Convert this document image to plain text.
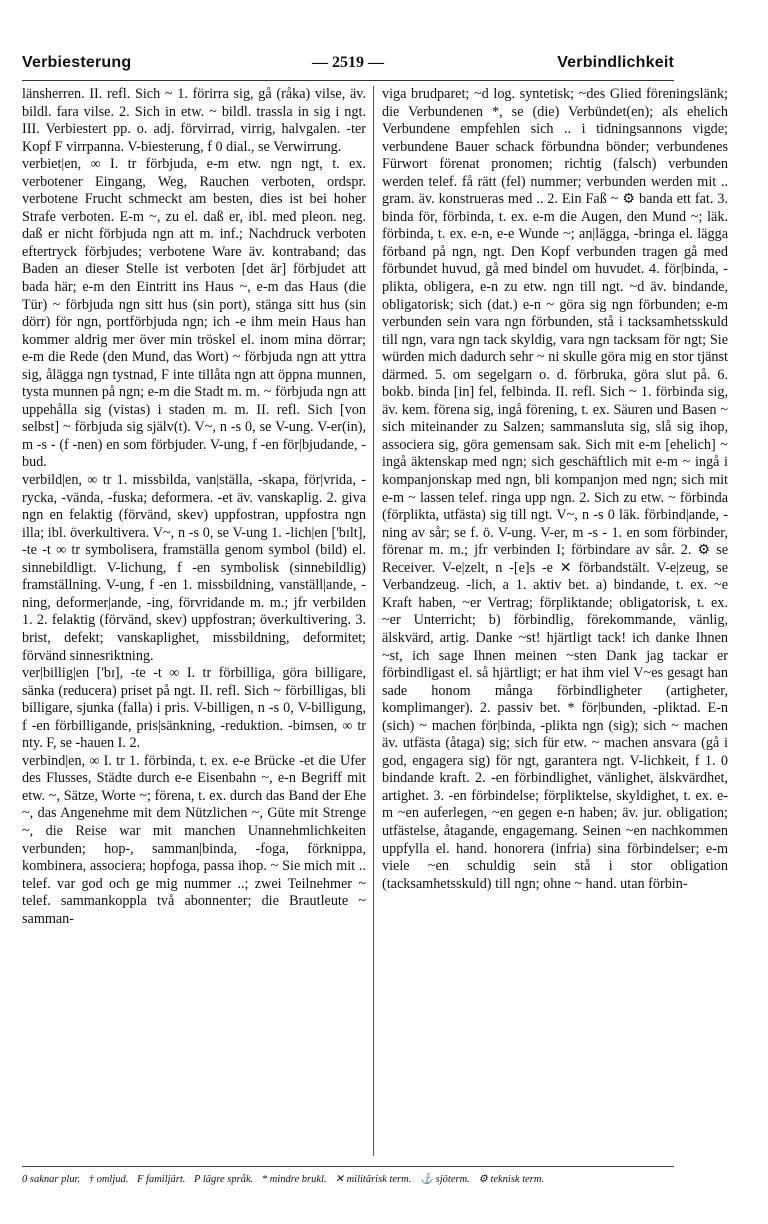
Verbiesterung	— 2519 —	Verbindlichkeit

länsherren. II. refl. Sich ~ 1. förirra sig, gå (råka) vilse, äv. bildl. fara vilse. 2. Sich in etw. ~ bildl. trassla in sig i ngt. III. Verbiestert pp. o. adj. förvirrad, virrig, halvgalen. -ter Kopf F virrpanna. V-biesterung, f 0 dial., se Verwirrung.

verbiet|en, ∞ I. tr förbjuda, e-m etw. ngn ngt, t. ex. verbotener Eingang, Weg, Rauchen verboten, ordspr. verbotene Frucht schmeckt am besten, dies ist bei hoher Strafe verboten. E-m ~, zu el. daß er, ibl. med pleon. neg. daß er nicht förbjuda ngn att m. inf.; Nachdruck verboten eftertryck förbjudes; verbotene Ware äv. kontraband; das Baden an dieser Stelle ist verboten [det är] förbjudet att bada här; e-m den Eintritt ins Haus ~, e-m das Haus (die Tür) ~ förbjuda ngn sitt hus (sin port), stänga sitt hus (sin dörr) för ngn, portförbjuda ngn; ich -e ihm mein Haus han kommer aldrig mer över min tröskel el. inom mina dörrar; e-m die Rede (den Mund, das Wort) ~ förbjuda ngn att yttra sig, ålägga ngn tystnad, F inte tillåta ngn att öppna munnen, tysta munnen på ngn; e-m die Stadt m. m. ~ förbjuda ngn att uppehålla sig (vistas) i staden m. m. II. refl. Sich [von selbst] ~ förbjuda sig själv(t). V~, n -s 0, se V-ung. V-er(in), m -s - (f -nen) en som förbjuder. V-ung, f -en för|bjudande, -bud.

verbild|en, ∞ tr 1. missbilda, van|ställa, -skapa, för|vrida, -rycka, -vända, -fuska; deformera. -et äv. vanskaplig. 2. giva ngn en felaktig (förvänd, skev) uppfostran, uppfostra ngn illa; ibl. överkultivera. V~, n -s 0, se V-ung 1. -lich|en ['bɪlt], -te -t ∞ tr symbolisera, framställa genom symbol (bild) el. sinnebildligt. V-lichung, f -en symbolisk (sinnebildlig) framställning. V-ung, f -en 1. missbildning, vanställ|ande, -ning, deformer|ande, -ing, förvridande m. m.; jfr verbilden 1. 2. felaktig (förvänd, skev) uppfostran; överkultivering. 3. brist, defekt; vanskaplighet, missbildning, deformitet; förvänd sinnesriktning.

ver|billig|en ['bɪ], -te -t ∞ I. tr förbilliga, göra billigare, sänka (reducera) priset på ngt. II. refl. Sich ~ förbilligas, bli billigare, sjunka (falla) i pris. V-billigen, n -s 0, V-billigung, f -en förbilligande, pris|sänkning, -reduktion. -bimsen, ∞ tr nty. F, se -hauen I. 2.

verbind|en, ∞ I. tr 1. förbinda, t. ex. e-e Brücke -et die Ufer des Flusses, Städte durch e-e Eisenbahn ~, e-n Begriff mit etw. ~, Sätze, Worte ~; förena, t. ex. durch das Band der Ehe ~, das Angenehme mit dem Nützlichen ~, Güte mit Strenge ~, die Reise war mit manchen Unannehmlichkeiten verbunden; hop-, samman|binda, -foga, förknippa, kombinera, associera; hopfoga, passa ihop. ~ Sie mich mit .. telef. var god och ge mig nummer ..; zwei Teilnehmer ~ telef. sammankoppla två abonnenter; die Brautleute ~ samman-

viga brudparet; ~d log. syntetisk; ~des Glied föreningslänk; die Verbundenen *, se (die) Verbündet(en); als ehelich Verbundene empfehlen sich .. i tidningsannons vigde; verbundene Bauer schack förbundna bönder; verbundenes Fürwort förenat pronomen; richtig (falsch) verbunden werden telef. få rätt (fel) nummer; verbunden werden mit .. gram. äv. konstrueras med .. 2. Ein Faß ~ ⚙ banda ett fat. 3. binda för, förbinda, t. ex. e-m die Augen, den Mund ~; läk. förbinda, t. ex. e-n, e-e Wunde ~; an|lägga, -bringa el. lägga förband på ngn, ngt. Den Kopf verbunden tragen gå med förbundet huvud, gå med bindel om huvudet. 4. för|binda, -plikta, obligera, e-n zu etw. ngn till ngt. ~d äv. bindande, obligatorisk; sich (dat.) e-n ~ göra sig ngn förbunden; e-m verbunden sein vara ngn förbunden, stå i tacksamhetsskuld till ngn, vara ngn tack skyldig, vara ngn tacksam för ngt; Sie würden mich dadurch sehr ~ ni skulle göra mig en stor tjänst därmed. 5. om segelgarn o. d. förbruka, göra slut på. 6. bokb. binda [in] fel, felbinda. II. refl. Sich ~ 1. förbinda sig, äv. kem. förena sig, ingå förening, t. ex. Säuren und Basen ~ sich miteinander zu Salzen; sammansluta sig, slå sig ihop, associera sig, göra gemensam sak. Sich mit e-m [ehelich] ~ ingå äktenskap med ngn; sich geschäftlich mit e-m ~ ingå i kompanjonskap med ngn, bli kompanjon med ngn; sich mit e-m ~ lassen telef. ringa upp ngn. 2. Sich zu etw. ~ förbinda (förplikta, utfästa) sig till ngt. V~, n -s 0 läk. förbind|ande, -ning av sår; se f. ö. V-ung. V-er, m -s - 1. en som förbinder, förenar m. m.; jfr verbinden I; förbindare av sår. 2. ⚙ se Receiver. V-e|zelt, n -[e]s -e ✕ förbandstält. V-e|zeug, se Verbandzeug. -lich, a 1. aktiv bet. a) bindande, t. ex. ~e Kraft haben, ~er Vertrag; förpliktande; obligatorisk, t. ex. ~er Unterricht; b) förbindlig, förekommande, vänlig, älskvärd, artig. Danke ~st! hjärtligt tack! ich danke Ihnen ~st, ich sage Ihnen meinen ~sten Dank jag tackar er förbindligast el. så hjärtligt; er hat ihm viel V~es gesagt han sade honom många förbindligheter (artigheter, komplimanger). 2. passiv bet. * för|bunden, -pliktad. E-n (sich) ~ machen för|binda, -plikta ngn (sig); sich ~ machen äv. utfästa (åtaga) sig; sich für etw. ~ machen ansvara (gå i god, engagera sig) för ngt, garantera ngt. V-lichkeit, f 1. 0 bindande kraft. 2. -en förbindlighet, vänlighet, älskvärdhet, artighet. 3. -en förbindelse; förpliktelse, skyldighet, t. ex. e-m ~en auferlegen, ~en gegen e-n haben; äv. jur. obligation; utfästelse, åtagande, engagemang. Seinen ~en nachkommen uppfylla el. hand. honorera (infria) sina förbindelser; e-m viele ~en schuldig sein stå i stor obligation (tacksamhetsskuld) till ngn; ohne ~ hand. utan förbin-

0 saknar plur. † omljud. F familjärt. P lägre språk. * mindre brukl. ✕ militärisk term. ⚓ sjöterm. ⚙ teknisk term.
